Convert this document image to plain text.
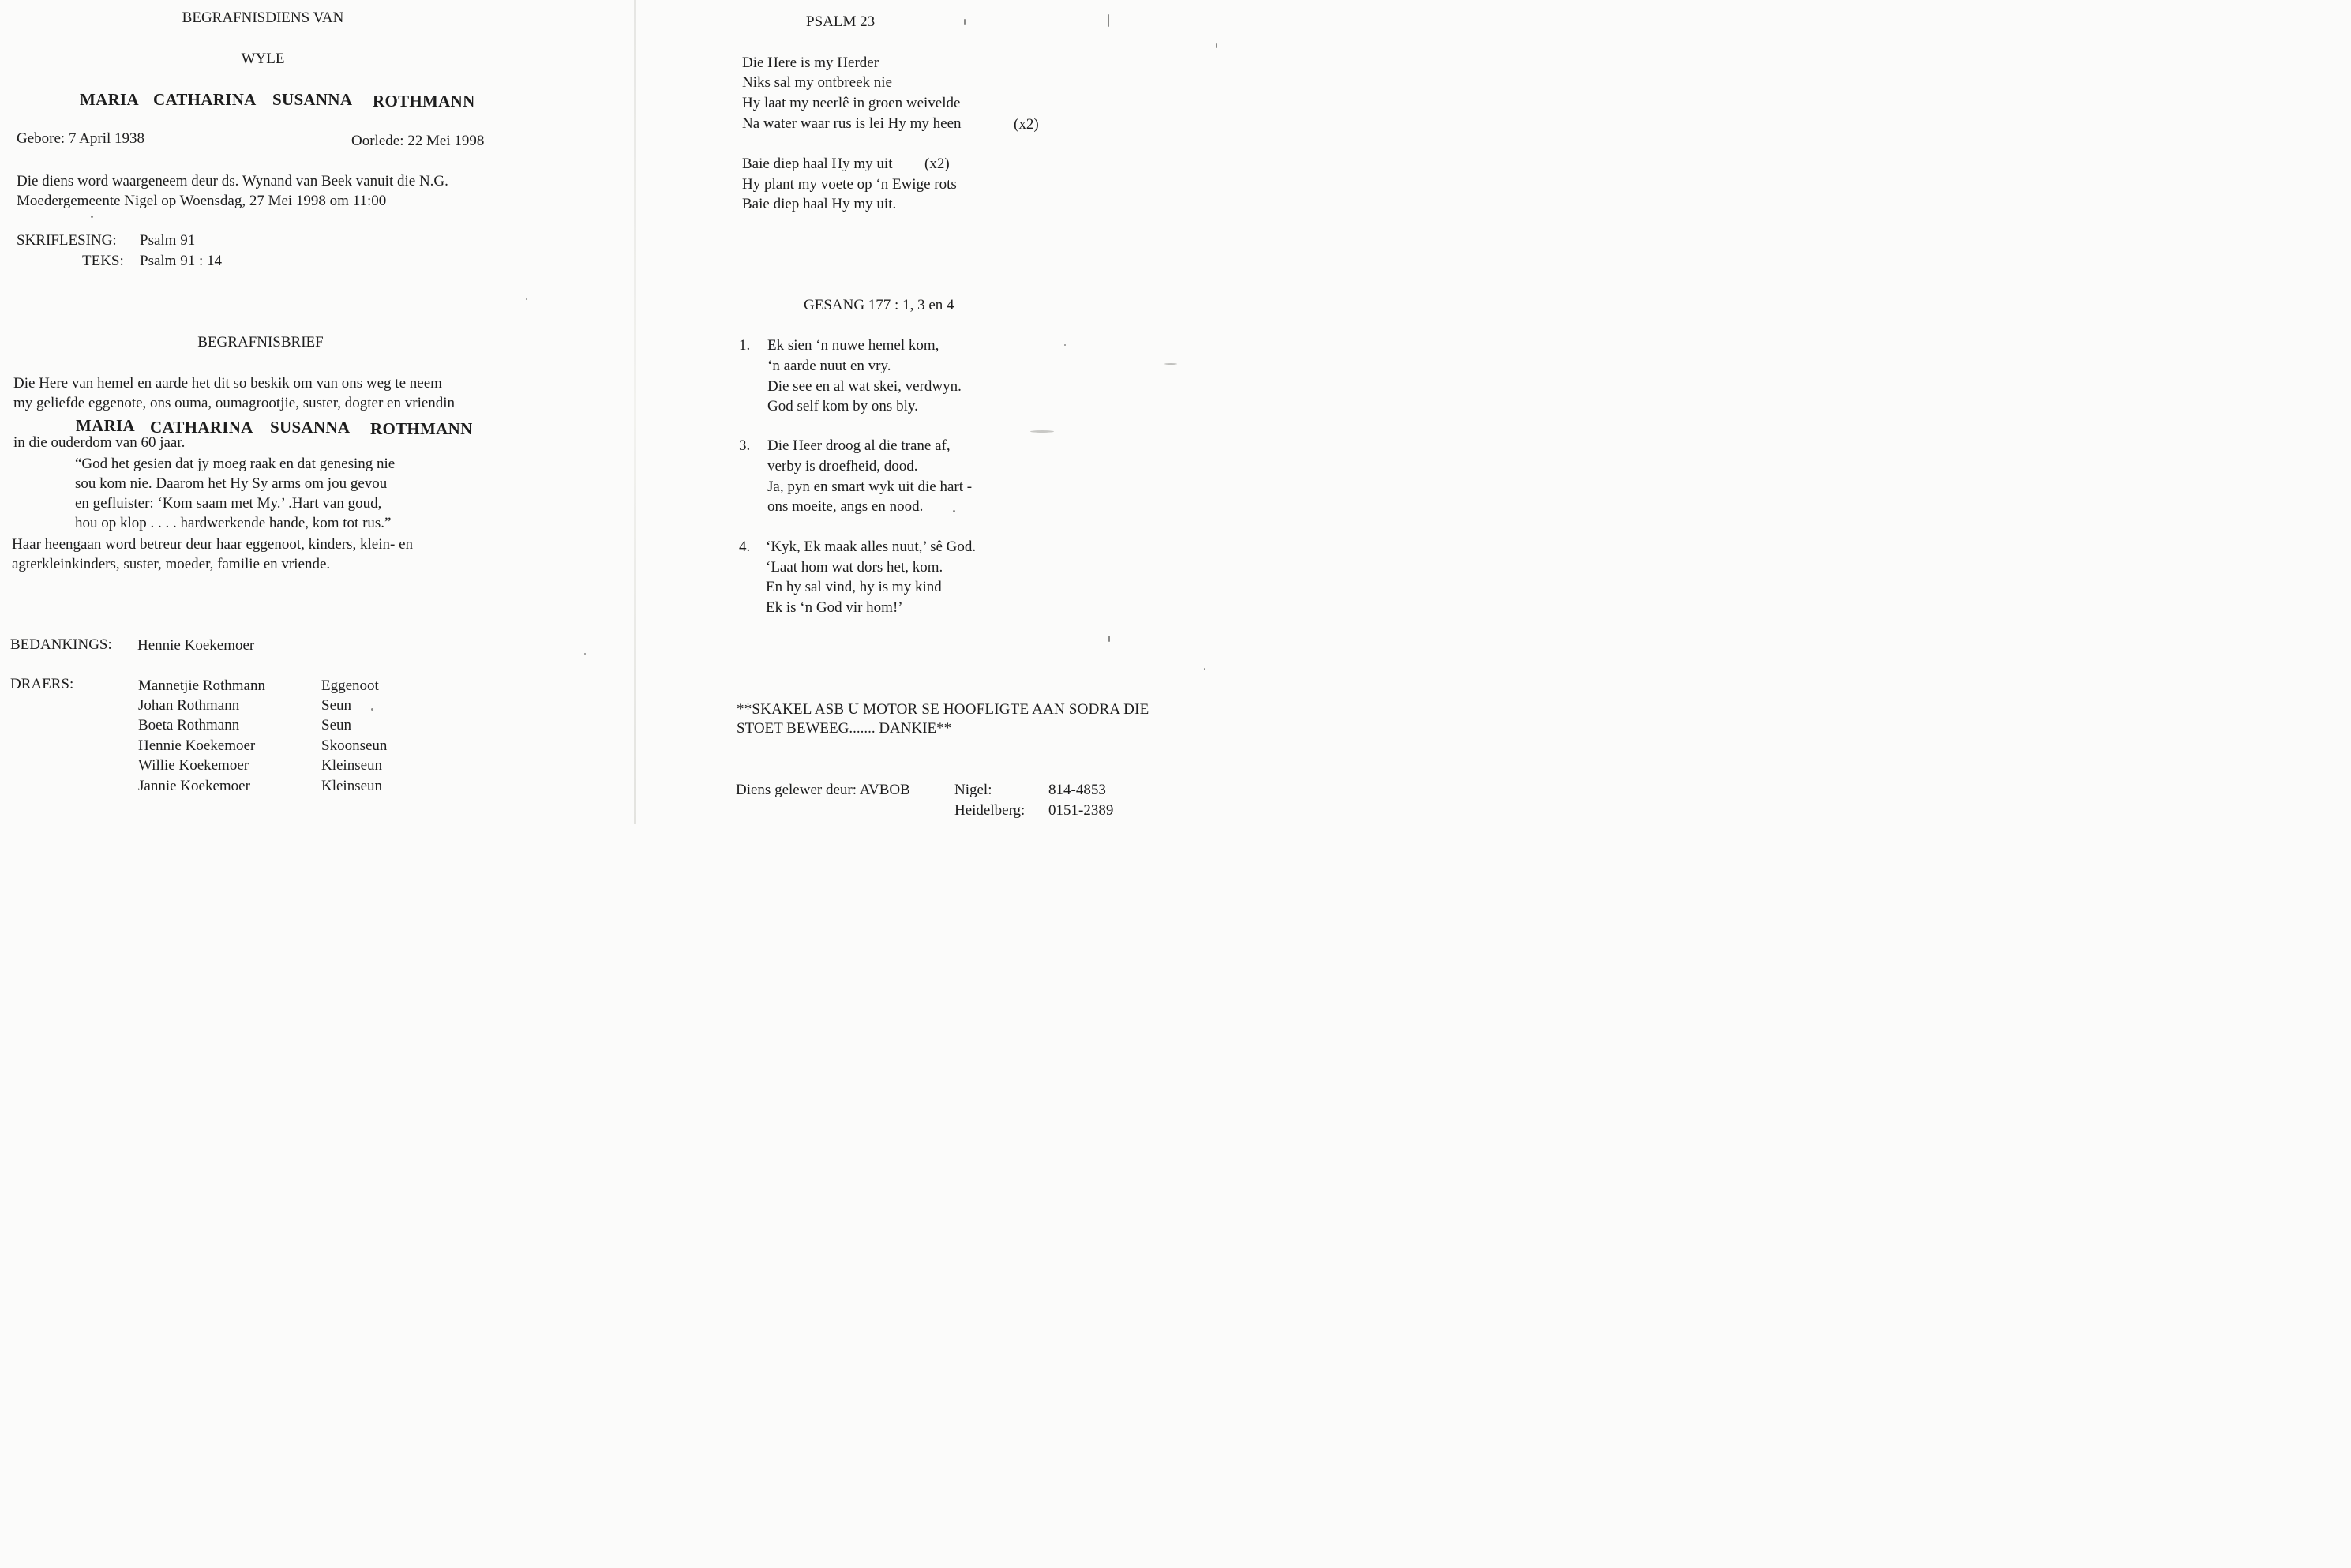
BEGRAFNISDIENS VAN
WYLE
MARIA CATHARINA SUSANNA ROTHMANN
Gebore: 7 April 1938	Oorlede: 22 Mei 1998
Die diens word waargeneem deur ds. Wynand van Beek vanuit die N.G.
Moedergemeente Nigel op Woensdag, 27 Mei 1998 om 11:00
SKRIFLESING: Psalm 91
TEKS: Psalm 91 : 14
BEGRAFNISBRIEF
Die Here van hemel en aarde het dit so beskik om van ons weg te neem
my geliefde eggenote, ons ouma, oumagrootjie, suster, dogter en vriendin
MARIA CATHARINA SUSANNA ROTHMANN
in die ouderdom van 60 jaar.
“God het gesien dat jy moeg raak en dat genesing nie
sou kom nie. Daarom het Hy Sy arms om jou gevou
en gefluister: ‘Kom saam met My.’ .Hart van goud,
hou op klop . . . . hardwerkende hande, kom tot rus.”
Haar heengaan word betreur deur haar eggenoot, kinders, klein- en
agterkleinkinders, suster, moeder, familie en vriende.
BEDANKINGS: Hennie Koekemoer
DRAERS:	Mannetjie Rothmann	Eggenoot
Johan Rothmann	Seun
Boeta Rothmann	Seun
Hennie Koekemoer	Skoonseun
Willie Koekemoer	Kleinseun
Jannie Koekemoer	Kleinseun
PSALM 23
Die Here is my Herder
Niks sal my ontbreek nie
Hy laat my neerlê in groen weivelde
Na water waar rus is lei Hy my heen	(x2)
Baie diep haal Hy my uit (x2)
Hy plant my voete op ‘n Ewige rots
Baie diep haal Hy my uit.
GESANG 177 : 1, 3 en 4
1. Ek sien ‘n nuwe hemel kom,
‘n aarde nuut en vry.
Die see en al wat skei, verdwyn.
God self kom by ons bly.
3. Die Heer droog al die trane af,
verby is droefheid, dood.
Ja, pyn en smart wyk uit die hart -
ons moeite, angs en nood.
4. ‘Kyk, Ek maak alles nuut,’ sê God.
‘Laat hom wat dors het, kom.
En hy sal vind, hy is my kind
Ek is ‘n God vir hom!’
**SKAKEL ASB U MOTOR SE HOOFLIGTE AAN SODRA DIE
STOET BEWEEG....... DANKIE**
Diens gelewer deur: AVBOB	Nigel:	814-4853
Heidelberg: 0151-2389
